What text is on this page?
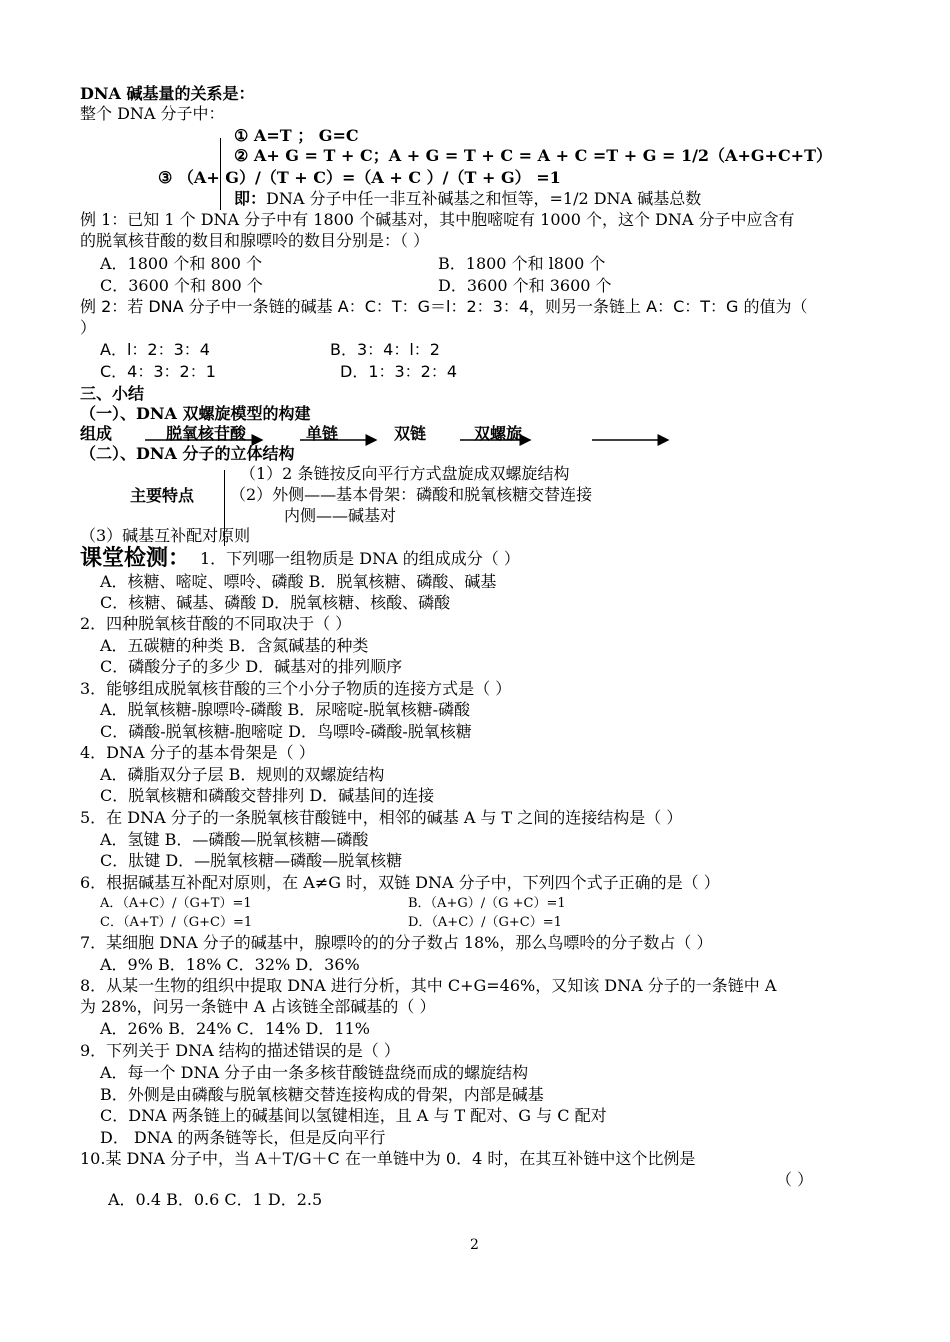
DNA 碱基量的关系是：
整个 DNA 分子中：
① A=T ； G=C
② A+ G = T + C；A + G = T + C = A + C =T + G = 1/2（A+G+C+T）
③ （A+ G）/（T + C）=（A + C ）/（T + G） =1
即：DNA 分子中任一非互补碱基之和恒等，=1/2 DNA 碱基总数
例 1：已知 1 个 DNA 分子中有 1800 个碱基对，其中胞嘧啶有 1000 个，这个 DNA 分子中应含有
的脱氧核苷酸的数目和腺嘌呤的数目分别是：（ ）
A．1800 个和 800 个	B．1800 个和 l800 个
C．3600 个和 800 个	D．3600 个和 3600 个
例 2：若 DNA 分子中一条链的碱基 A：C：T：G＝l：2：3：4，则另一条链上 A：C：T：G 的值为（
）
A．l：2：3：4	B．3：4：l：2
C．4：3：2：1	D．1：3：2：4
三、小结
（一）、DNA 双螺旋模型的构建
组成	脱氧核苷酸	单链	双链	双螺旋
（二）、DNA 分子的立体结构
主要特点
（1）2 条链按反向平行方式盘旋成双螺旋结构
（2）外侧——基本骨架：磷酸和脱氧核糖交替连接
内侧——碱基对
（3）碱基互补配对原则
课堂检测： 1．下列哪一组物质是 DNA 的组成成分（ ）
A．核糖、嘧啶、嘌呤、磷酸 B．脱氧核糖、磷酸、碱基
C．核糖、碱基、磷酸 D．脱氧核糖、核酸、磷酸
2．四种脱氧核苷酸的不同取决于（ ）
A．五碳糖的种类 B．含氮碱基的种类
C．磷酸分子的多少 D．碱基对的排列顺序
3．能够组成脱氧核苷酸的三个小分子物质的连接方式是（ ）
A．脱氧核糖-腺嘌呤-磷酸 B．尿嘧啶-脱氧核糖-磷酸
C．磷酸-脱氧核糖-胞嘧啶 D．鸟嘌呤-磷酸-脱氧核糖
4．DNA 分子的基本骨架是（ ）
A．磷脂双分子层 B．规则的双螺旋结构
C．脱氧核糖和磷酸交替排列 D．碱基间的连接
5．在 DNA 分子的一条脱氧核苷酸链中，相邻的碱基 A 与 T 之间的连接结构是（ ）
A．氢键 B．—磷酸—脱氧核糖—磷酸
C．肽键 D．—脱氧核糖—磷酸—脱氧核糖
6．根据碱基互补配对原则，在 A≠G 时，双链 DNA 分子中，下列四个式子正确的是（ ）
A．（A+C）/（G+T）=1	B．（A+G）/（G +C）=1
C．（A+T）/（G+C）=1	D．（A+C）/（G+C）=1
7．某细胞 DNA 分子的碱基中，腺嘌呤的的分子数占 18%，那么鸟嘌呤的分子数占（ ）
A．9% B．18% C．32% D．36%
8．从某一生物的组织中提取 DNA 进行分析，其中 C+G=46%，又知该 DNA 分子的一条链中 A
为 28%，问另一条链中 A 占该链全部碱基的（ ）
A．26% B．24% C．14% D．11%
9．下列关于 DNA 结构的描述错误的是（ ）
A．每一个 DNA 分子由一条多核苷酸链盘绕而成的螺旋结构
B．外侧是由磷酸与脱氧核糖交替连接构成的骨架，内部是碱基
C．DNA 两条链上的碱基间以氢键相连，且 A 与 T 配对、G 与 C 配对
D． DNA 的两条链等长，但是反向平行
10.某 DNA 分子中，当 A＋T/G＋C 在一单链中为 0．4 时，在其互补链中这个比例是
（ ）
A．0.4 B．0.6 C．1 D．2.5
2
